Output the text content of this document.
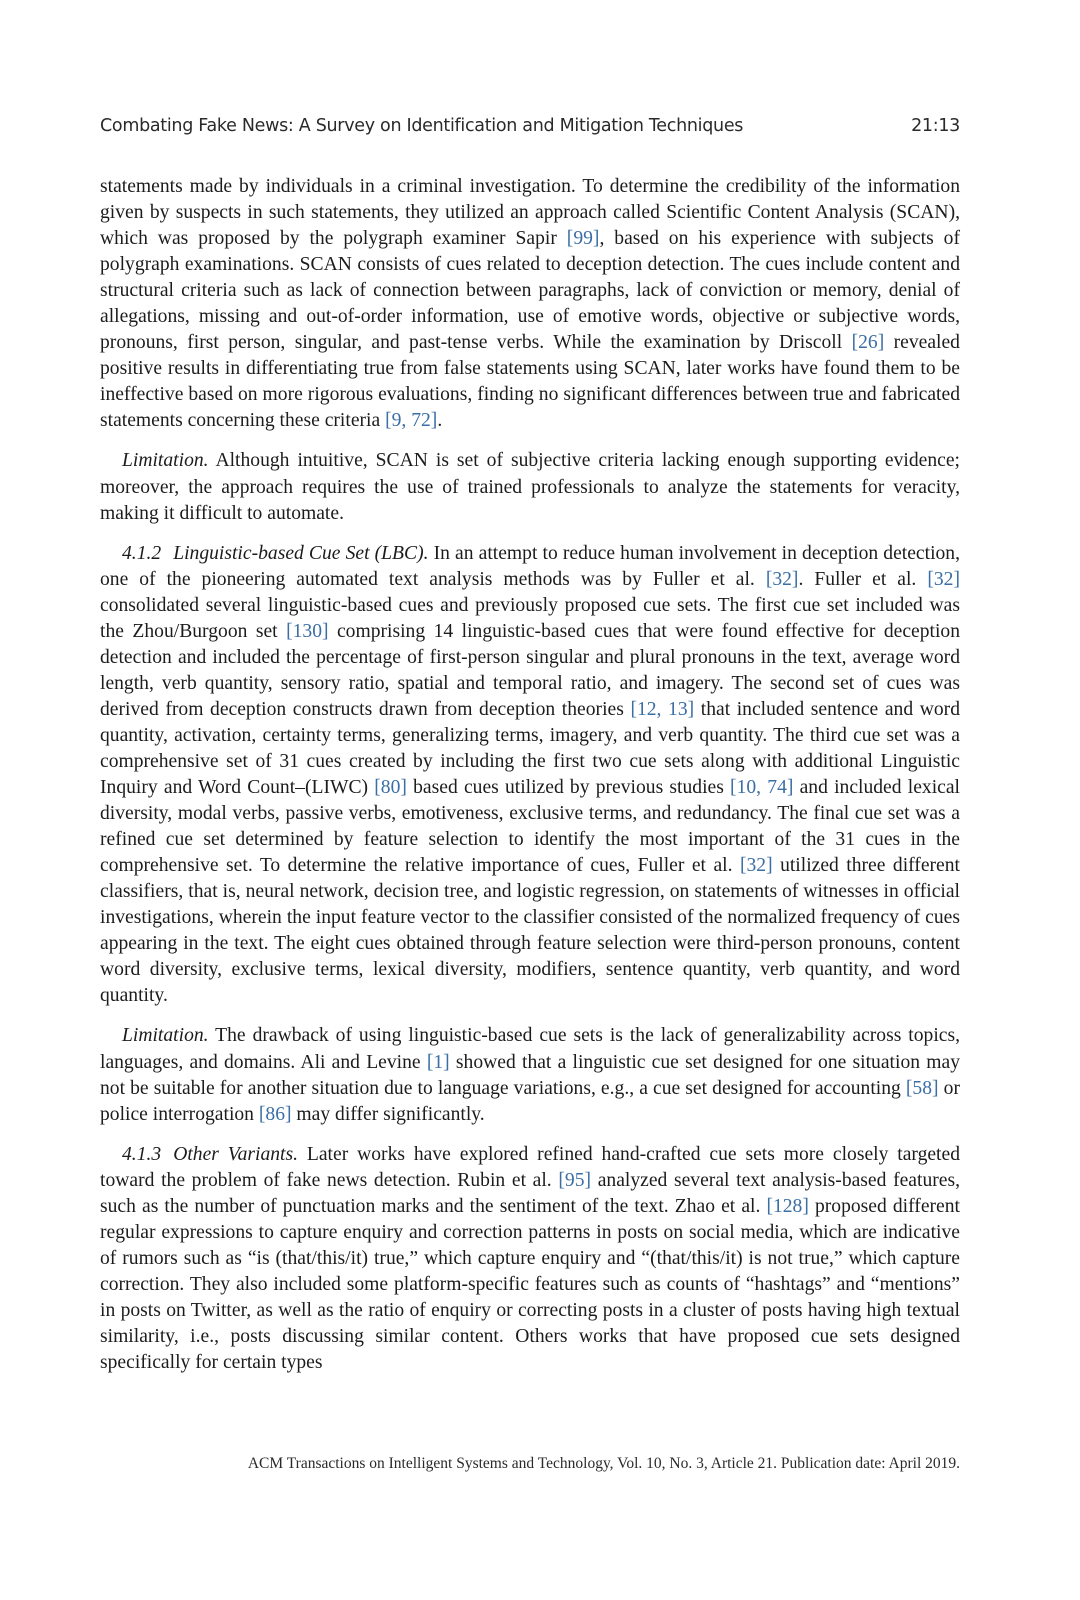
Combating Fake News: A Survey on Identification and Mitigation Techniques	21:13

statements made by individuals in a criminal investigation. To determine the credibility of the information given by suspects in such statements, they utilized an approach called Scientific Content Analysis (SCAN), which was proposed by the polygraph examiner Sapir [99], based on his experience with subjects of polygraph examinations. SCAN consists of cues related to deception detection. The cues include content and structural criteria such as lack of connection between paragraphs, lack of conviction or memory, denial of allegations, missing and out-of-order information, use of emotive words, objective or subjective words, pronouns, first person, singular, and past-tense verbs. While the examination by Driscoll [26] revealed positive results in differentiating true from false statements using SCAN, later works have found them to be ineffective based on more rigorous evaluations, finding no significant differences between true and fabricated statements concerning these criteria [9, 72].

Limitation. Although intuitive, SCAN is set of subjective criteria lacking enough supporting evidence; moreover, the approach requires the use of trained professionals to analyze the statements for veracity, making it difficult to automate.

4.1.2 Linguistic-based Cue Set (LBC). In an attempt to reduce human involvement in deception detection, one of the pioneering automated text analysis methods was by Fuller et al. [32]. Fuller et al. [32] consolidated several linguistic-based cues and previously proposed cue sets. The first cue set included was the Zhou/Burgoon set [130] comprising 14 linguistic-based cues that were found effective for deception detection and included the percentage of first-person singular and plural pronouns in the text, average word length, verb quantity, sensory ratio, spatial and temporal ratio, and imagery. The second set of cues was derived from deception constructs drawn from deception theories [12, 13] that included sentence and word quantity, activation, certainty terms, generalizing terms, imagery, and verb quantity. The third cue set was a comprehensive set of 31 cues created by including the first two cue sets along with additional Linguistic Inquiry and Word Count–(LIWC) [80] based cues utilized by previous studies [10, 74] and included lexical diversity, modal verbs, passive verbs, emotiveness, exclusive terms, and redundancy. The final cue set was a refined cue set determined by feature selection to identify the most important of the 31 cues in the comprehensive set. To determine the relative importance of cues, Fuller et al. [32] utilized three different classifiers, that is, neural network, decision tree, and logistic regression, on statements of witnesses in official investigations, wherein the input feature vector to the classifier consisted of the normalized frequency of cues appearing in the text. The eight cues obtained through feature selection were third-person pronouns, content word diversity, exclusive terms, lexical diversity, modifiers, sentence quantity, verb quantity, and word quantity.

Limitation. The drawback of using linguistic-based cue sets is the lack of generalizability across topics, languages, and domains. Ali and Levine [1] showed that a linguistic cue set designed for one situation may not be suitable for another situation due to language variations, e.g., a cue set designed for accounting [58] or police interrogation [86] may differ significantly.

4.1.3 Other Variants. Later works have explored refined hand-crafted cue sets more closely targeted toward the problem of fake news detection. Rubin et al. [95] analyzed several text analysis-based features, such as the number of punctuation marks and the sentiment of the text. Zhao et al. [128] proposed different regular expressions to capture enquiry and correction patterns in posts on social media, which are indicative of rumors such as “is (that/this/it) true,” which capture enquiry and “(that/this/it) is not true,” which capture correction. They also included some platform-specific features such as counts of “hashtags” and “mentions” in posts on Twitter, as well as the ratio of enquiry or correcting posts in a cluster of posts having high textual similarity, i.e., posts discussing similar content. Others works that have proposed cue sets designed specifically for certain types

ACM Transactions on Intelligent Systems and Technology, Vol. 10, No. 3, Article 21. Publication date: April 2019.
